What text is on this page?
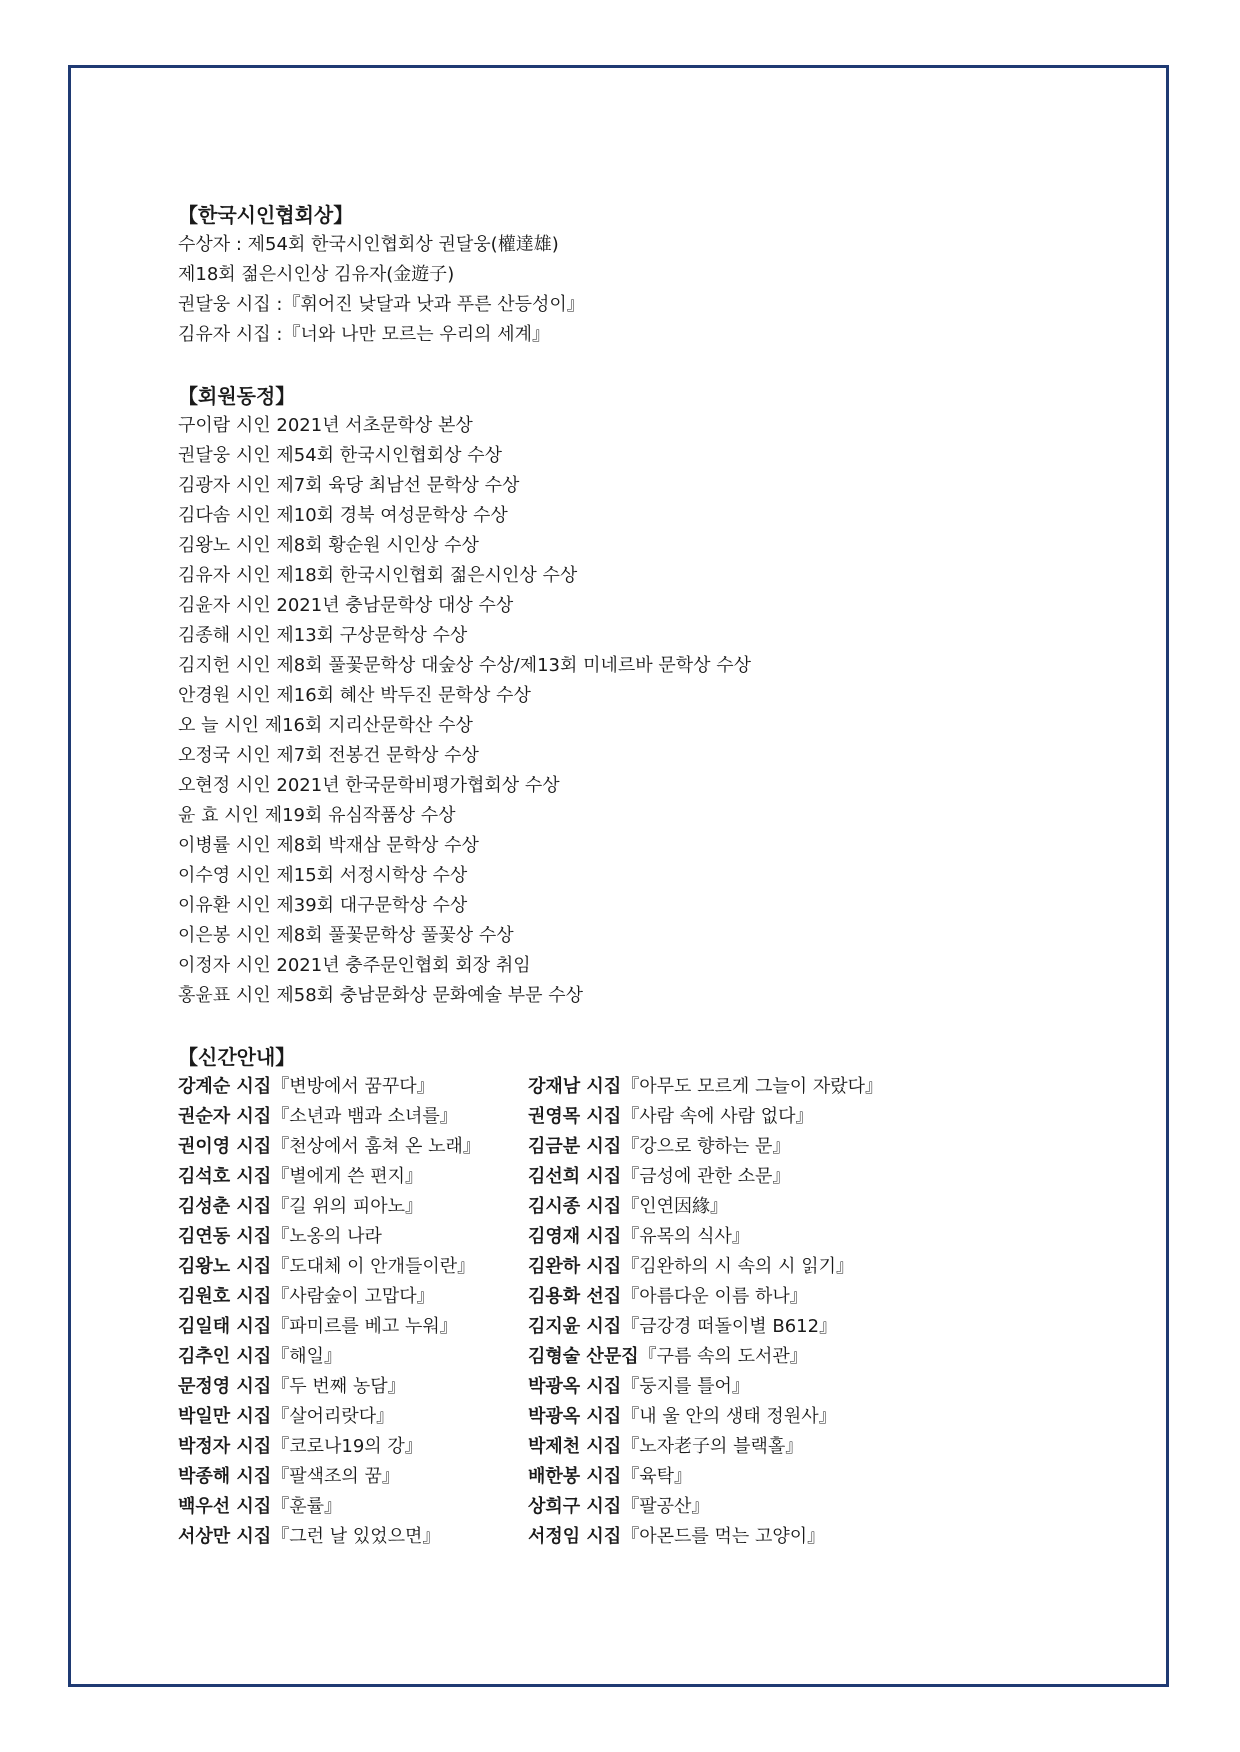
【한국시인협회상】
수상자 : 제54회 한국시인협회상 권달웅(權達雄)
제18회 젊은시인상 김유자(金遊子)
권달웅 시집 :『휘어진 낮달과 낫과 푸른 산등성이』
김유자 시집 :『너와 나만 모르는 우리의 세계』
【회원동정】
구이람 시인 2021년 서초문학상 본상
권달웅 시인 제54회 한국시인협회상 수상
김광자 시인 제7회 육당 최남선 문학상 수상
김다솜 시인 제10회 경북 여성문학상 수상
김왕노 시인 제8회 황순원 시인상 수상
김유자 시인 제18회 한국시인협회 젊은시인상 수상
김윤자 시인 2021년 충남문학상 대상 수상
김종해 시인 제13회 구상문학상 수상
김지헌 시인 제8회 풀꽃문학상 대숲상 수상/제13회 미네르바 문학상 수상
안경원 시인 제16회 혜산 박두진 문학상 수상
오 늘 시인 제16회 지리산문학산 수상
오정국 시인 제7회 전봉건 문학상 수상
오현정 시인 2021년 한국문학비평가협회상 수상
윤 효 시인 제19회 유심작품상 수상
이병률 시인 제8회 박재삼 문학상 수상
이수영 시인 제15회 서정시학상 수상
이유환 시인 제39회 대구문학상 수상
이은봉 시인 제8회 풀꽃문학상 풀꽃상 수상
이정자 시인 2021년 충주문인협회 회장 취임
홍윤표 시인 제58회 충남문화상 문화예술 부문 수상
【신간안내】
강계순 시집『변방에서 꿈꾸다』	강재남 시집『아무도 모르게 그늘이 자랐다』
권순자 시집『소년과 뱀과 소녀를』	권영목 시집『사람 속에 사람 없다』
권이영 시집『천상에서 훔쳐 온 노래』	김금분 시집『강으로 향하는 문』
김석호 시집『별에게 쓴 편지』	김선희 시집『금성에 관한 소문』
김성춘 시집『길 위의 피아노』	김시종 시집『인연因緣』
김연동 시집『노옹의 나라	김영재 시집『유목의 식사』
김왕노 시집『도대체 이 안개들이란』	김완하 시집『김완하의 시 속의 시 읽기』
김원호 시집『사람숲이 고맙다』	김용화 선집『아름다운 이름 하나』
김일태 시집『파미르를 베고 누워』	김지윤 시집『금강경 떠돌이별 B612』
김추인 시집『해일』	김형술 산문집『구름 속의 도서관』
문정영 시집『두 번째 농담』	박광옥 시집『둥지를 틀어』
박일만 시집『살어리랏다』	박광옥 시집『내 울 안의 생태 정원사』
박정자 시집『코로나19의 강』	박제천 시집『노자老子의 블랙홀』
박종해 시집『팔색조의 꿈』	배한봉 시집『육탁』
백우선 시집『훈률』	상희구 시집『팔공산』
서상만 시집『그런 날 있었으면』	서정임 시집『아몬드를 먹는 고양이』
